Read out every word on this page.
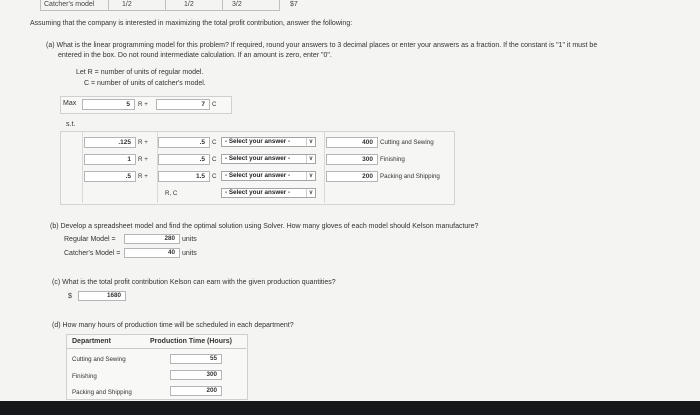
Catcher's model	1/2	1/2	3/2	$7
Assuming that the company is interested in maximizing the total profit contribution, answer the following:
(a) What is the linear programming model for this problem? If required, round your answers to 3 decimal places or enter your answers as a fraction. If the constant is "1" it must be
entered in the box. Do not round intermediate calculation. If an amount is zero, enter "0".
Let R = number of units of regular model.
C = number of units of catcher's model.
Max	5	R +	7	C
s.t.
.125	R +	.5	C	- Select your answer -	∨	400	Cutting and Sewing
1	R +	.5	C	- Select your answer -	∨	300	Finishing
.5	R +	1.5	C	- Select your answer -	∨	200	Packing and Shipping
R, C	- Select your answer -	∨
(b) Develop a spreadsheet model and find the optimal solution using Solver. How many gloves of each model should Kelson manufacture?
Regular Model =	280	units
Catcher's Model =	40	units
(c) What is the total profit contribution Kelson can earn with the given production quantities?
$	1680
(d) How many hours of production time will be scheduled in each department?
Department	Production Time (Hours)
Cutting and Sewing	55
Finishing	300
Packing and Shipping	200
